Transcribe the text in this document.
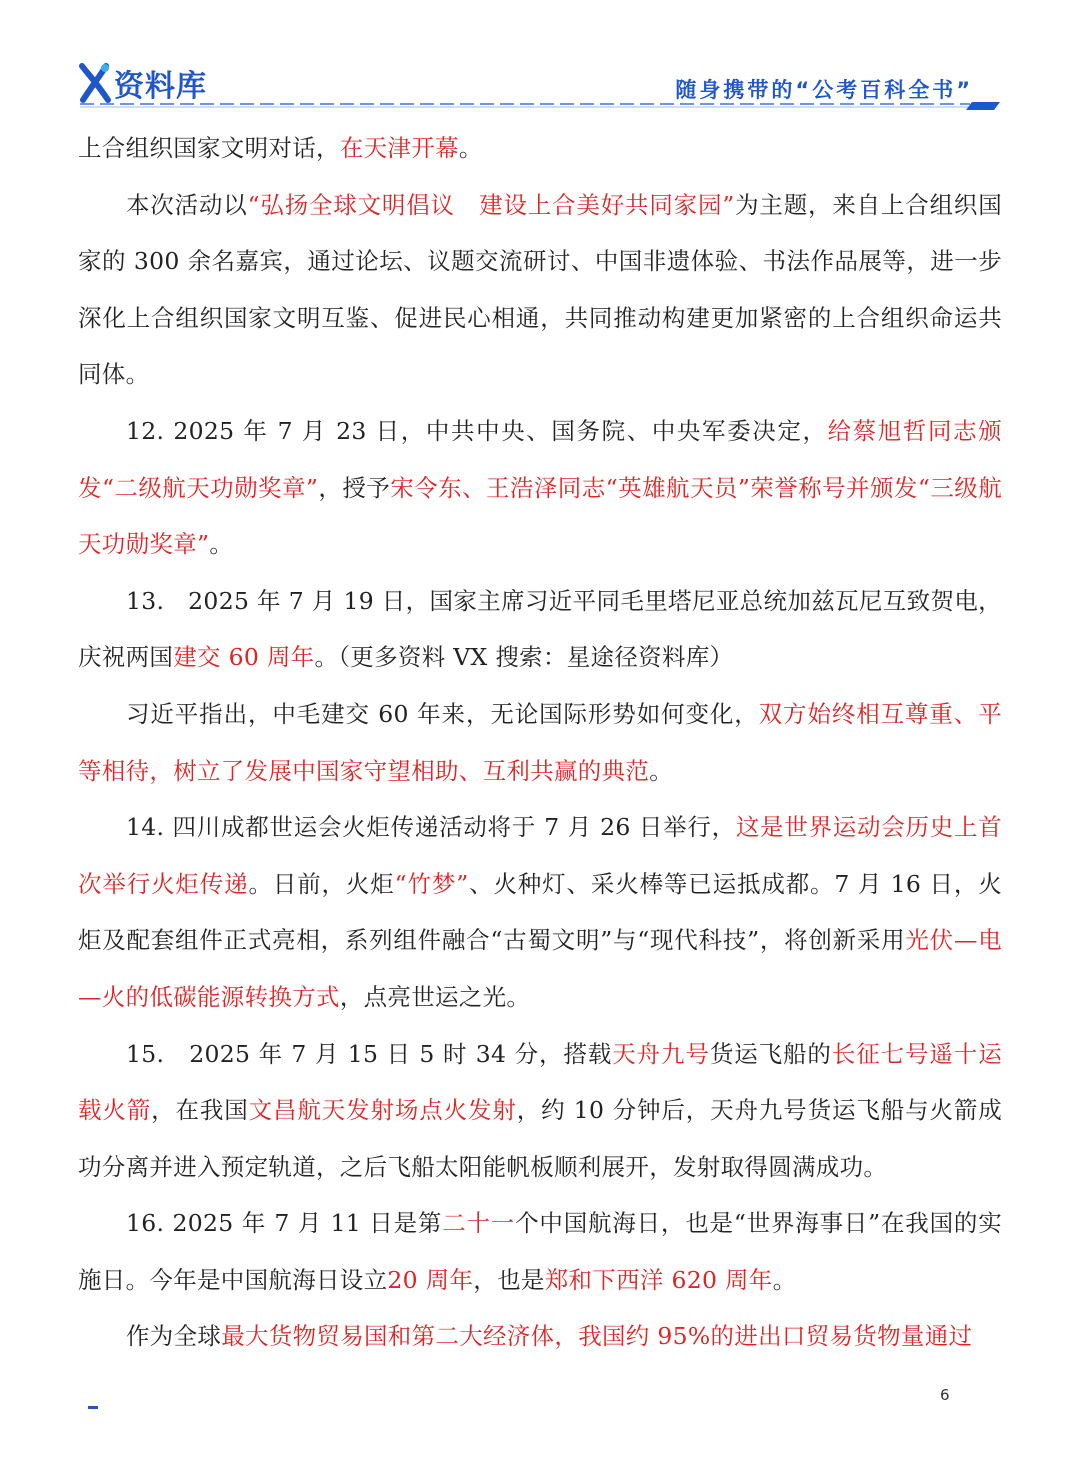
资料库	随身携带的“公考百科全书”

上合组织国家文明对话，在天津开幕。

本次活动以“弘扬全球文明倡议　建设上合美好共同家园”为主题，来自上合组织国家的 300 余名嘉宾，通过论坛、议题交流研讨、中国非遗体验、书法作品展等，进一步深化上合组织国家文明互鉴、促进民心相通，共同推动构建更加紧密的上合组织命运共同体。

12. 2025 年 7 月 23 日，中共中央、国务院、中央军委决定，给蔡旭哲同志颁发“二级航天功勋奖章”，授予宋令东、王浩泽同志“英雄航天员”荣誉称号并颁发“三级航天功勋奖章”。

13.　2025 年 7 月 19 日，国家主席习近平同毛里塔尼亚总统加兹瓦尼互致贺电，庆祝两国建交 60 周年。（更多资料 VX 搜索：星途径资料库）

习近平指出，中毛建交 60 年来，无论国际形势如何变化，双方始终相互尊重、平等相待，树立了发展中国家守望相助、互利共赢的典范。

14. 四川成都世运会火炬传递活动将于 7 月 26 日举行，这是世界运动会历史上首次举行火炬传递。日前，火炬“竹梦”、火种灯、采火棒等已运抵成都。7 月 16 日，火炬及配套组件正式亮相，系列组件融合“古蜀文明”与“现代科技”，将创新采用光伏—电—火的低碳能源转换方式，点亮世运之光。

15.　2025 年 7 月 15 日 5 时 34 分，搭载天舟九号货运飞船的长征七号遥十运载火箭，在我国文昌航天发射场点火发射，约 10 分钟后，天舟九号货运飞船与火箭成功分离并进入预定轨道，之后飞船太阳能帆板顺利展开，发射取得圆满成功。

16. 2025 年 7 月 11 日是第二十一个中国航海日，也是“世界海事日”在我国的实施日。今年是中国航海日设立20 周年，也是郑和下西洋 620 周年。

作为全球最大货物贸易国和第二大经济体，我国约 95%的进出口贸易货物量通过

6
